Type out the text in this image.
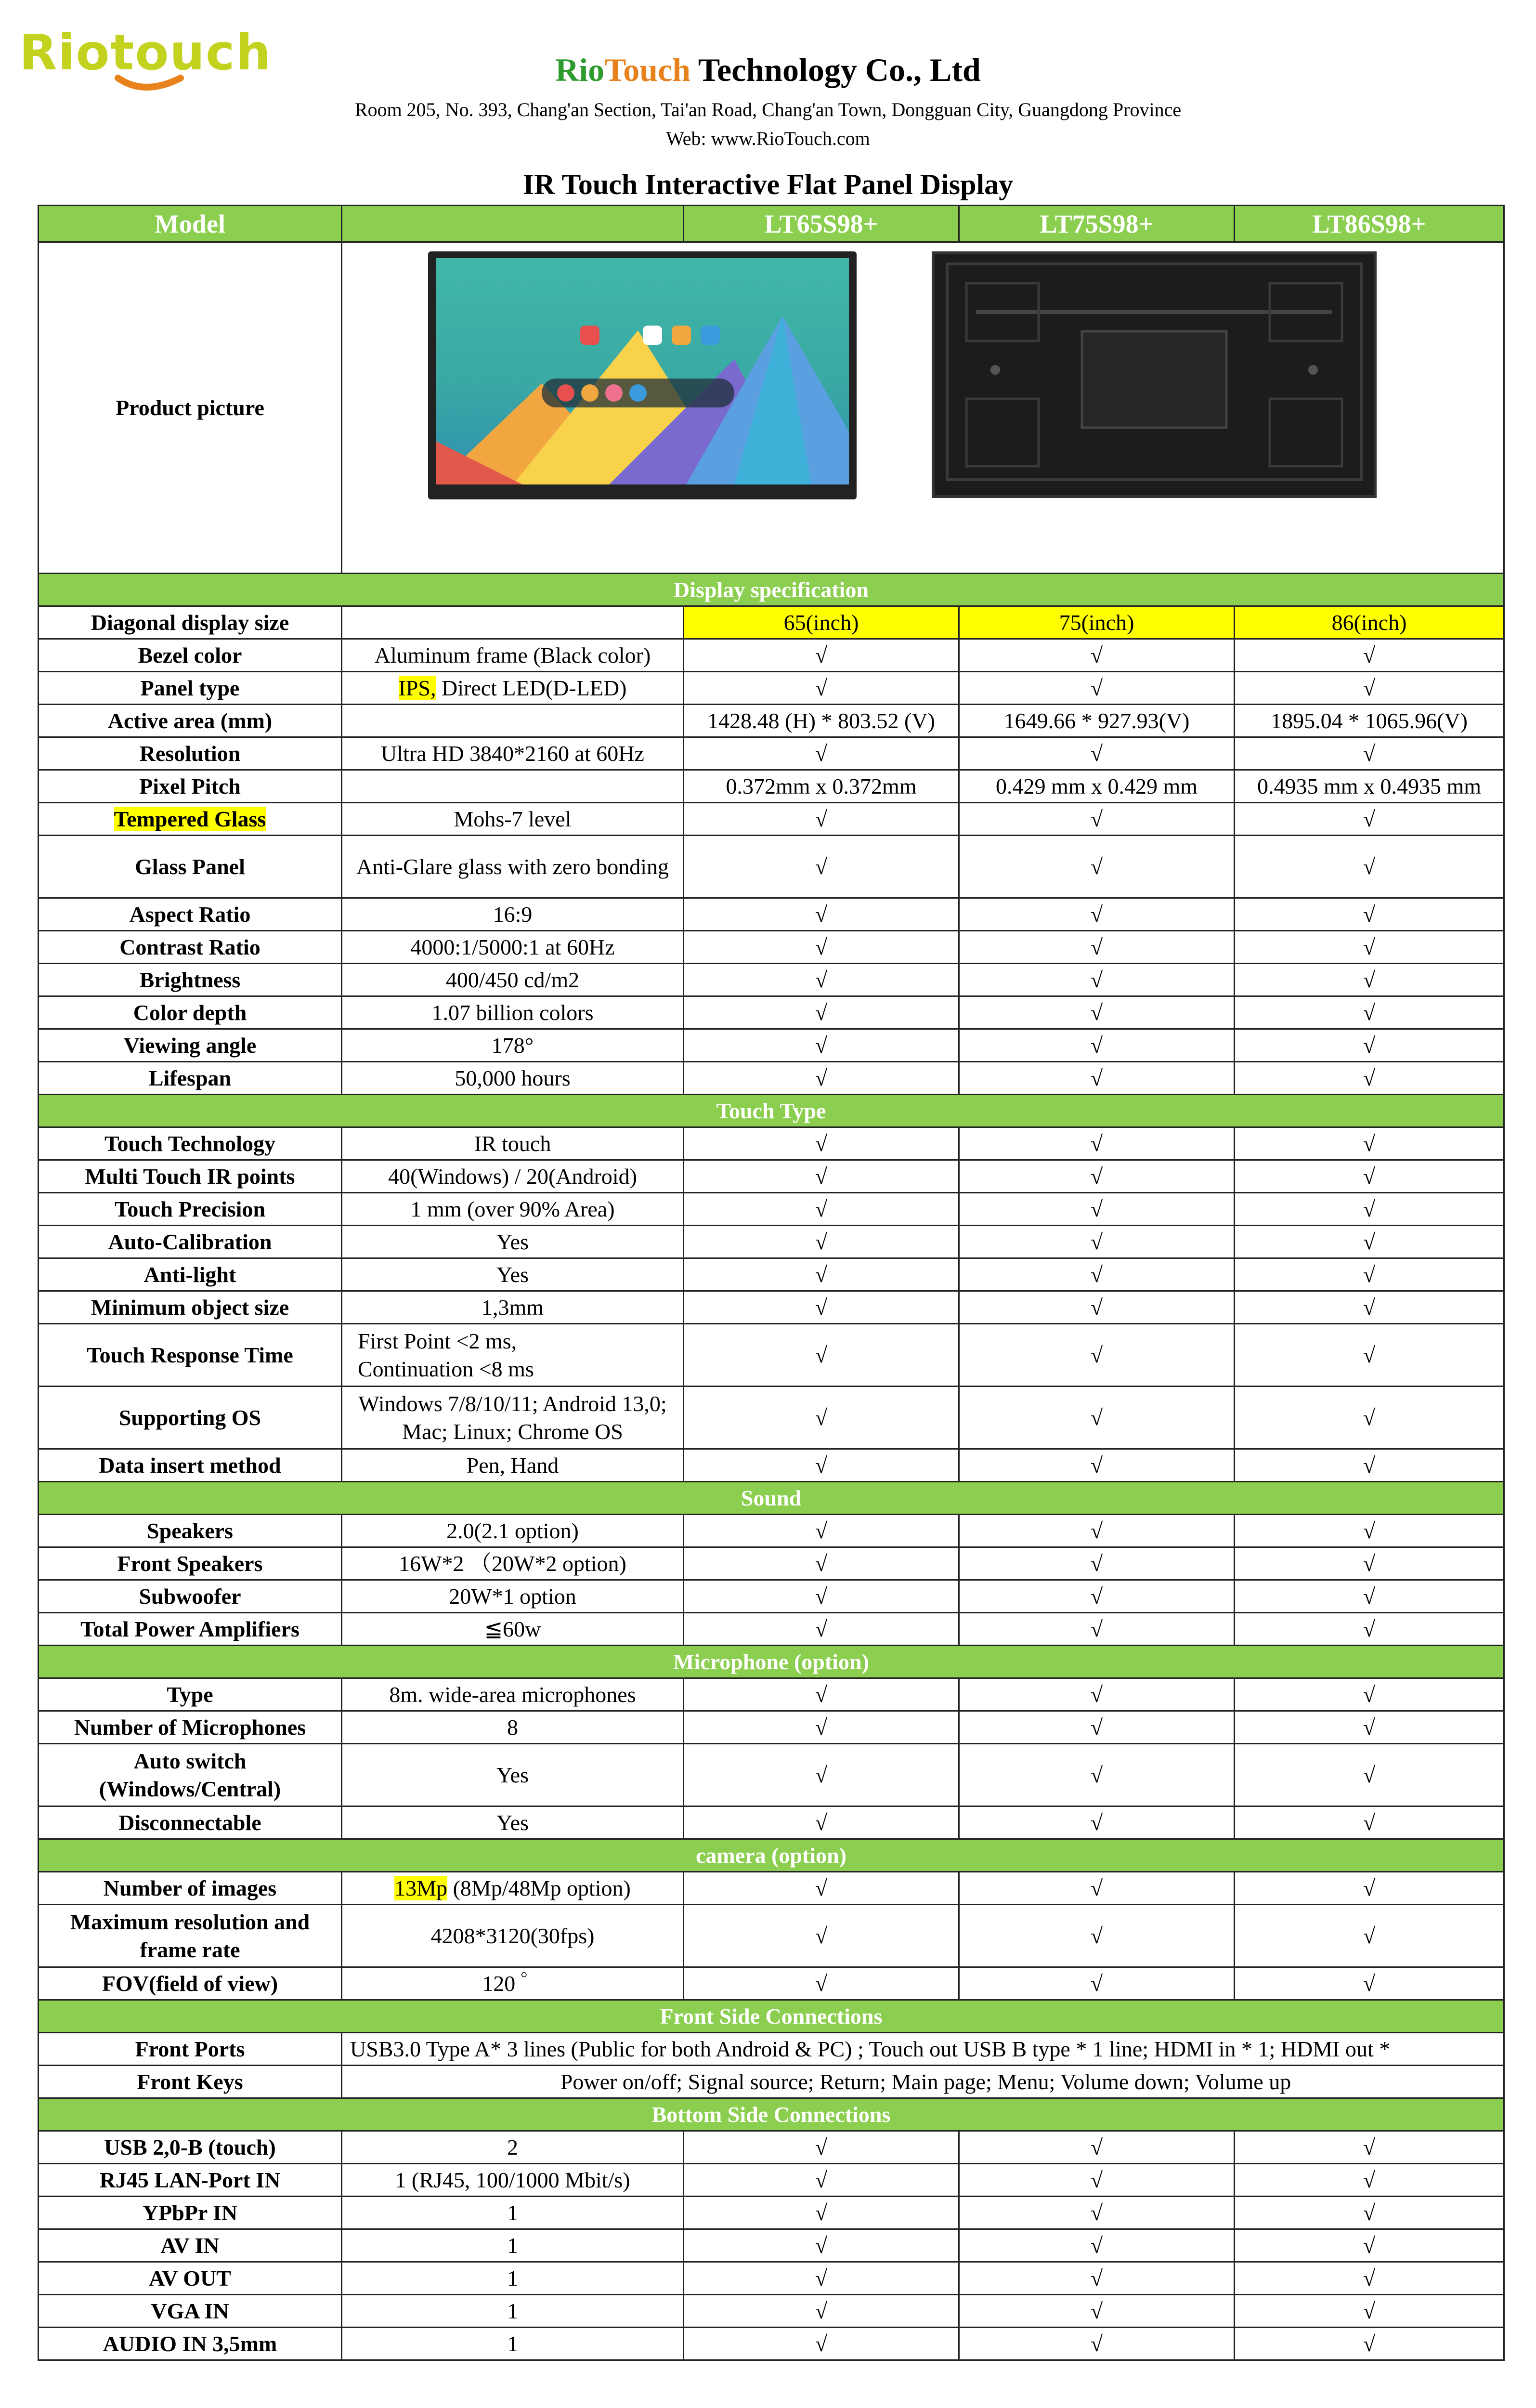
Riotouch	RioTouch Technology Co., Ltd
Room 205, No. 393, Chang'an Section, Tai'an Road, Chang'an Town, Dongguan City, Guangdong Province
Web: www.RioTouch.com
IR Touch Interactive Flat Panel Display
Model		LT65S98+	LT75S98+	LT86S98+
Product picture	

Display specification				
Diagonal display size		65(inch)	75(inch)	86(inch)
Bezel color	Aluminum frame (Black color)	√	√	√
Panel type	IPS, Direct LED(D-LED)	√	√	√
Active area (mm)		1428.48 (H) * 803.52 (V)	1649.66 * 927.93(V)	1895.04 * 1065.96(V)
Resolution	Ultra HD 3840*2160 at 60Hz	√	√	√
Pixel Pitch		0.372mm x 0.372mm	0.429 mm x 0.429 mm	0.4935 mm x 0.4935 mm
Tempered Glass	Mohs-7 level	√	√	√
Glass Panel	Anti-Glare glass with zero bonding	√	√	√
Aspect Ratio	16:9	√	√	√
Contrast Ratio	4000:1/5000:1 at 60Hz	√	√	√
Brightness	400/450 cd/m2	√	√	√
Color depth	1.07 billion colors	√	√	√
Viewing angle	178°	√	√	√
Lifespan	50,000 hours	√	√	√
Touch Type				
Touch Technology	IR touch	√	√	√
Multi Touch IR points	40(Windows) / 20(Android)	√	√	√
Touch Precision	1 mm (over 90% Area)	√	√	√
Auto-Calibration	Yes	√	√	√
Anti-light	Yes	√	√	√
Minimum object size	1,3mm	√	√	√
Touch Response Time	First Point <2 ms,
Continuation <8 ms	√	√	√
Supporting OS	Windows 7/8/10/11; Android 13,0; Mac; Linux; Chrome OS	√	√	√
Data insert method	Pen, Hand	√	√	√
Sound				
Speakers	2.0(2.1 option)	√	√	√
Front Speakers	16W*2 （20W*2 option)	√	√	√
Subwoofer	20W*1 option	√	√	√
Total Power Amplifiers	≦60w	√	√	√
Microphone (option)				
Type	8m. wide-area microphones	√	√	√
Number of Microphones	8	√	√	√
Auto switch (Windows/Central)	Yes	√	√	√
Disconnectable	Yes	√	√	√
camera (option)				
Number of images	13Mp (8Mp/48Mp option)	√	√	√
Maximum resolution and frame rate	4208*3120(30fps)	√	√	√
FOV(field of view)	120 ゜	√	√	√
Front Side Connections				
Front Ports	USB3.0 Type A* 3 lines (Public for both Android & PC) ; Touch out USB B type * 1 line; HDMI in * 1; HDMI out *			
Front Keys	Power on/off; Signal source; Return; Main page; Menu; Volume down; Volume up			
Bottom Side Connections				
USB 2,0-B (touch)	2	√	√	√
RJ45 LAN-Port IN	1 (RJ45, 100/1000 Mbit/s)	√	√	√
YPbPr IN	1	√	√	√
AV IN	1	√	√	√
AV OUT	1	√	√	√
VGA IN	1	√	√	√
AUDIO IN 3,5mm	1	√	√	√
